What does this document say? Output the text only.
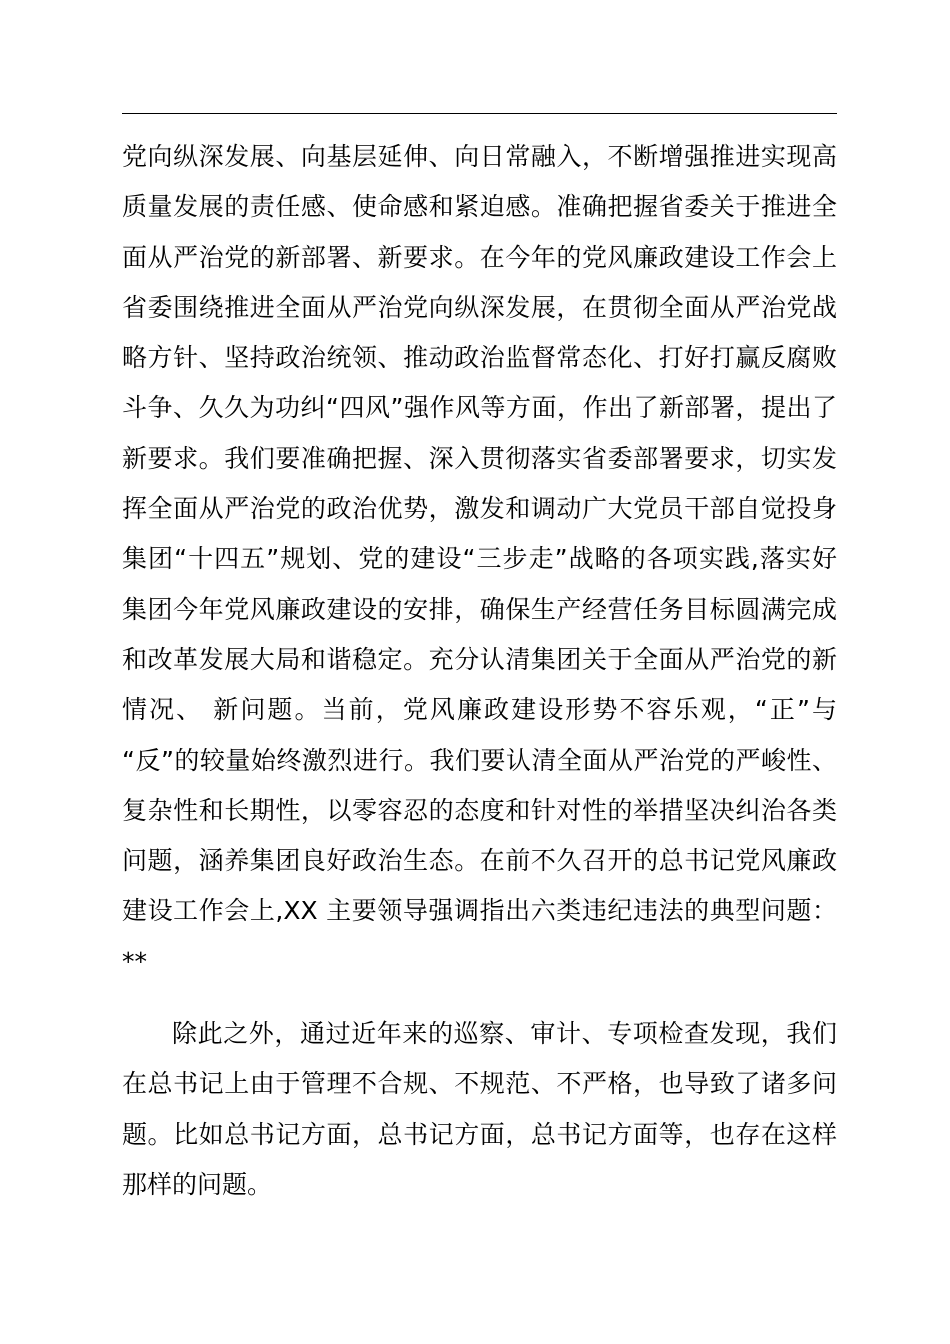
党向纵深发展、向基层延伸、向日常融入，不断增强推进实现高
质量发展的责任感、使命感和紧迫感。准确把握省委关于推进全
面从严治党的新部署、新要求。在今年的党风廉政建设工作会上
省委围绕推进全面从严治党向纵深发展，在贯彻全面从严治党战
略方针、坚持政治统领、推动政治监督常态化、打好打赢反腐败
斗争、久久为功纠“四风”强作风等方面，作出了新部署，提出了
新要求。我们要准确把握、深入贯彻落实省委部署要求，切实发
挥全面从严治党的政治优势，激发和调动广大党员干部自觉投身
集团“十四五”规划、党的建设“三步走”战略的各项实践,落实好
集团今年党风廉政建设的安排，确保生产经营任务目标圆满完成
和改革发展大局和谐稳定。充分认清集团关于全面从严治党的新
情况、 新问题。当前，党风廉政建设形势不容乐观，“正”与
“反”的较量始终激烈进行。我们要认清全面从严治党的严峻性、
复杂性和长期性，以零容忍的态度和针对性的举措坚决纠治各类
问题，涵养集团良好政治生态。在前不久召开的总书记党风廉政
建设工作会上,XX 主要领导强调指出六类违纪违法的典型问题：
**
除此之外，通过近年来的巡察、审计、专项检查发现，我们
在总书记上由于管理不合规、不规范、不严格，也导致了诸多问
题。比如总书记方面，总书记方面，总书记方面等，也存在这样
那样的问题。
